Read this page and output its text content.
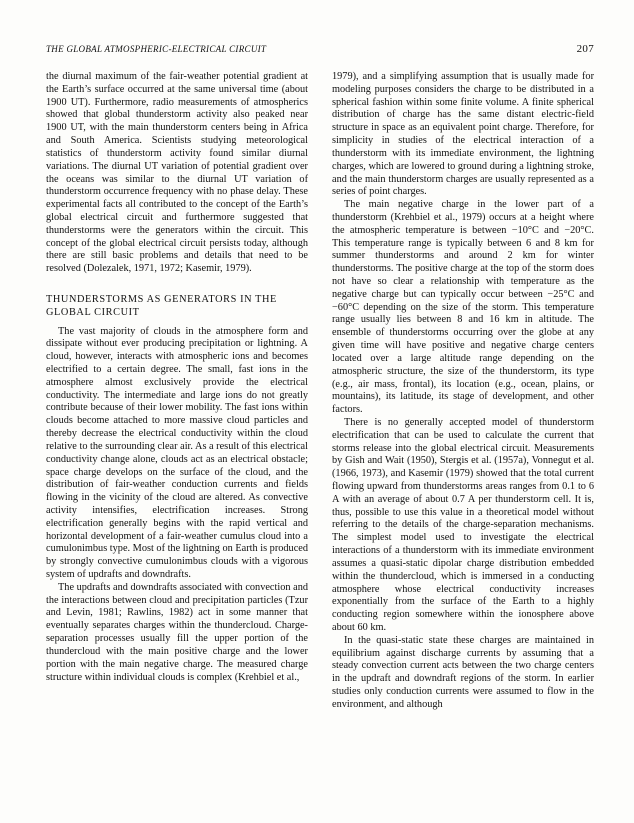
THE GLOBAL ATMOSPHERIC-ELECTRICAL CIRCUIT	207

the diurnal maximum of the fair-weather potential gradient at the Earth’s surface occurred at the same universal time (about 1900 UT). Furthermore, radio measurements of atmospherics showed that global thunderstorm activity also peaked near 1900 UT, with the main thunderstorm centers being in Africa and South America. Scientists studying meteorological statistics of thunderstorm activity found similar diurnal variations. The diurnal UT variation of potential gradient over the oceans was similar to the diurnal UT variation of thunderstorm occurrence frequency with no phase delay. These experimental facts all contributed to the concept of the Earth’s global electrical circuit and furthermore suggested that thunderstorms were the generators within the circuit. This concept of the global electrical circuit persists today, although there are still basic problems and details that need to be resolved (Dolezalek, 1971, 1972; Kasemir, 1979).

THUNDERSTORMS AS GENERATORS IN THE GLOBAL CIRCUIT

The vast majority of clouds in the atmosphere form and dissipate without ever producing precipitation or lightning. A cloud, however, interacts with atmospheric ions and becomes electrified to a certain degree. The small, fast ions in the atmosphere almost exclusively provide the electrical conductivity. The intermediate and large ions do not greatly contribute because of their lower mobility. The fast ions within clouds become attached to more massive cloud particles and thereby decrease the electrical conductivity within the cloud relative to the surrounding clear air. As a result of this electrical conductivity change alone, clouds act as an electrical obstacle; space charge develops on the surface of the cloud, and the distribution of fair-weather conduction currents and fields flowing in the vicinity of the cloud are altered. As convective activity intensifies, electrification increases. Strong electrification generally begins with the rapid vertical and horizontal development of a fair-weather cumulus cloud into a cumulonimbus type. Most of the lightning on Earth is produced by strongly convective cumulonimbus clouds with a vigorous system of updrafts and downdrafts.

The updrafts and downdrafts associated with convection and the interactions between cloud and precipitation particles (Tzur and Levin, 1981; Rawlins, 1982) act in some manner that eventually separates charges within the thundercloud. Charge-separation processes usually fill the upper portion of the thundercloud with the main positive charge and the lower portion with the main negative charge. The measured charge structure within individual clouds is complex (Krehbiel et al.,

1979), and a simplifying assumption that is usually made for modeling purposes considers the charge to be distributed in a spherical fashion within some finite volume. A finite spherical distribution of charge has the same distant electric-field structure in space as an equivalent point charge. Therefore, for simplicity in studies of the electrical interaction of a thunderstorm with its immediate environment, the lightning charges, which are lowered to ground during a lightning stroke, and the main thunderstorm charges are usually represented as a series of point charges.

The main negative charge in the lower part of a thunderstorm (Krehbiel et al., 1979) occurs at a height where the atmospheric temperature is between −10°C and −20°C. This temperature range is typically between 6 and 8 km for summer thunderstorms and around 2 km for winter thunderstorms. The positive charge at the top of the storm does not have so clear a relationship with temperature as the negative charge but can typically occur between −25°C and −60°C depending on the size of the storm. This temperature range usually lies between 8 and 16 km in altitude. The ensemble of thunderstorms occurring over the globe at any given time will have positive and negative charge centers located over a large altitude range depending on the atmospheric structure, the size of the thunderstorm, its type (e.g., air mass, frontal), its location (e.g., ocean, plains, or mountains), its latitude, its stage of development, and other factors.

There is no generally accepted model of thunderstorm electrification that can be used to calculate the current that storms release into the global electrical circuit. Measurements by Gish and Wait (1950), Stergis et al. (1957a), Vonnegut et al. (1966, 1973), and Kasemir (1979) showed that the total current flowing upward from thunderstorms areas ranges from 0.1 to 6 A with an average of about 0.7 A per thunderstorm cell. It is, thus, possible to use this value in a theoretical model without referring to the details of the charge-separation mechanisms. The simplest model used to investigate the electrical interactions of a thunderstorm with its immediate environment assumes a quasi-static dipolar charge distribution embedded within the thundercloud, which is immersed in a conducting atmosphere whose electrical conductivity increases exponentially from the surface of the Earth to a highly conducting region somewhere within the ionosphere above about 60 km.

In the quasi-static state these charges are maintained in equilibrium against discharge currents by assuming that a steady convection current acts between the two charge centers in the updraft and downdraft regions of the storm. In earlier studies only conduction currents were assumed to flow in the environment, and although
